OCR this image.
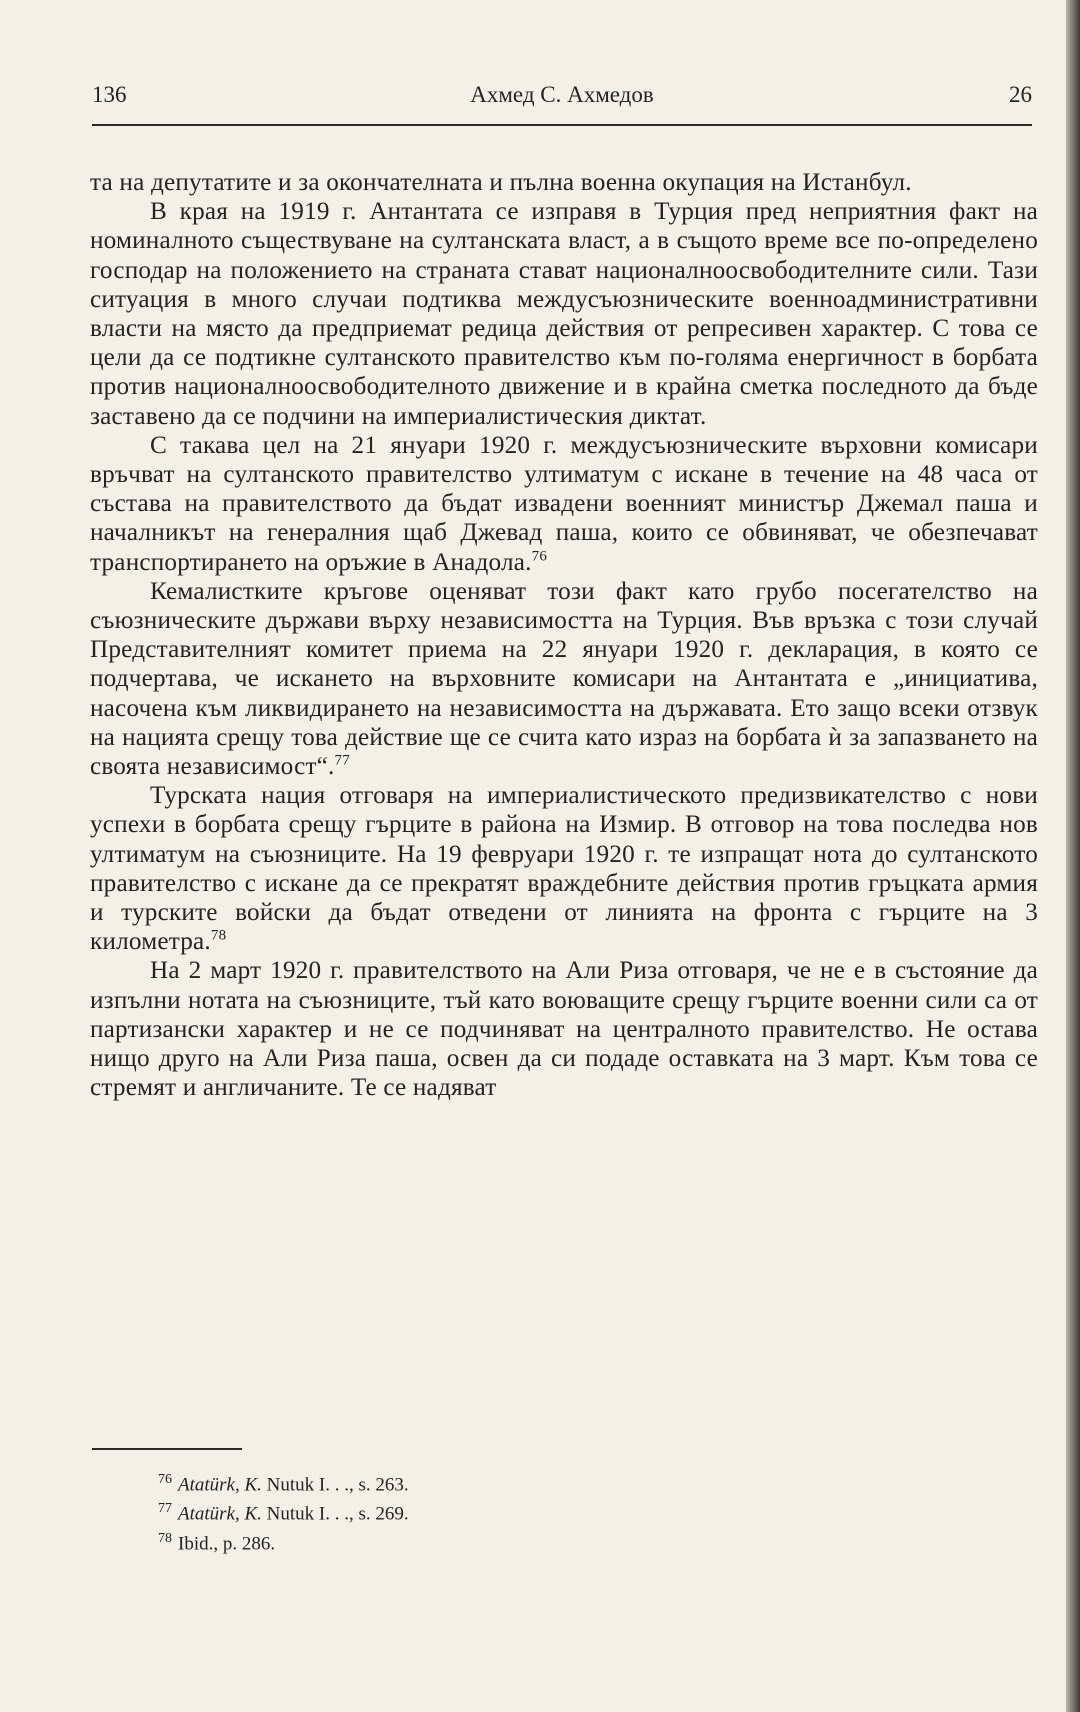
136	Ахмед С. Ахмедов	26

та на депутатите и за окончателната и пълна военна окупация на Истанбул.

В края на 1919 г. Антантата се изправя в Турция пред неприятния факт на номиналното съществуване на султанската власт, а в същото време все по-определено господар на положението на страната стават националноосвободителните сили. Тази ситуация в много случаи подтиква междусъюзническите военноадминистративни власти на място да предприемат редица действия от репресивен характер. С това се цели да се подтикне султанското правителство към по-голяма енергичност в борбата против националноосвободителното движение и в крайна сметка последното да бъде заставено да се подчини на империалистическия диктат.

С такава цел на 21 януари 1920 г. междусъюзническите върховни комисари връчват на султанското правителство ултиматум с искане в течение на 48 часа от състава на правителството да бъдат извадени военният министър Джемал паша и началникът на генералния щаб Джевад паша, които се обвиняват, че обезпечават транспортирането на оръжие в Анадола.$^{76}$

Кемалистките кръгове оценяват този факт като грубо посегателство на съюзническите държави върху независимостта на Турция. Във връзка с този случай Представителният комитет приема на 22 януари 1920 г. декларация, в която се подчертава, че искането на върховните комисари на Антантата е „инициатива, насочена към ликвидирането на независимостта на държавата. Ето защо всеки отзвук на нацията срещу това действие ще се счита като израз на борбата ѝ за запазването на своята независимост“.$^{77}$

Турската нация отговаря на империалистическото предизвикателство с нови успехи в борбата срещу гърците в района на Измир. В отговор на това последва нов ултиматум на съюзниците. На 19 февруари 1920 г. те изпращат нота до султанското правителство с искане да се прекратят враждебните действия против гръцката армия и турските войски да бъдат отведени от линията на фронта с гърците на 3 километра.$^{78}$

На 2 март 1920 г. правителството на Али Риза отговаря, че не е в състояние да изпълни нотата на съюзниците, тъй като воюващите срещу гърците военни сили са от партизански характер и не се подчиняват на централното правителство. Не остава нищо друго на Али Риза паша, освен да си подаде оставката на 3 март. Към това се стремят и англичаните. Те се надяват

$^{76}$ Atatürk, K. Nutuk I. . ., s. 263.

$^{77}$ Atatürk, K. Nutuk I. . ., s. 269.

$^{78}$ Ibid., p. 286.
